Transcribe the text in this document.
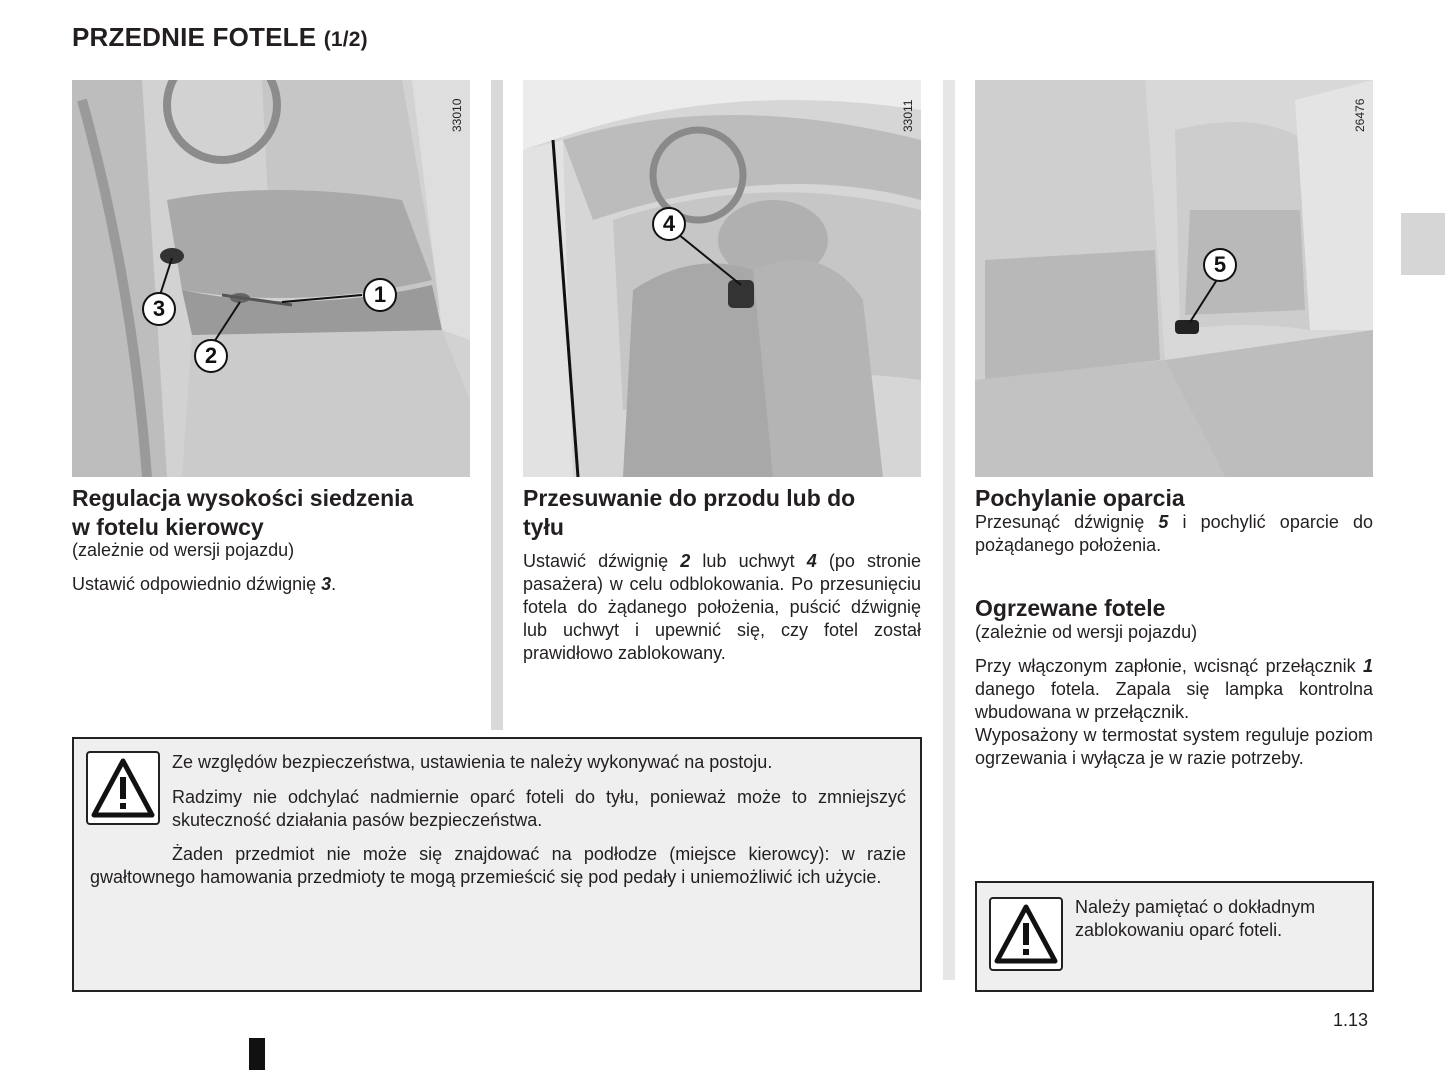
PRZEDNIE FOTELE (1/2)
33010
1
2
3
33011
4
26476
5
Regulacja wysokości siedzenia
w fotelu kierowcy
(zależnie od wersji pojazdu)
Ustawić odpowiednio dźwignię 3.
Przesuwanie do przodu lub do
tyłu
Ustawić dźwignię 2 lub uchwyt 4 (po stronie pasażera) w celu odblokowania. Po przesunięciu fotela do żądanego położenia, puścić dźwignię lub uchwyt i upewnić się, czy fotel został prawidłowo zablokowany.
Pochylanie oparcia
Przesunąć dźwignię 5 i pochylić oparcie do pożądanego położenia.
Ogrzewane fotele
(zależnie od wersji pojazdu)
Przy włączonym zapłonie, wcisnąć przełącznik 1 danego fotela. Zapala się lampka kontrolna wbudowana w przełącznik.
Wyposażony w termostat system reguluje poziom ogrzewania i wyłącza je w razie potrzeby.
Ze względów bezpieczeństwa, ustawienia te należy wykonywać na postoju.
Radzimy nie odchylać nadmiernie oparć foteli do tyłu, ponieważ może to zmniejszyć skuteczność działania pasów bezpieczeństwa.
Żaden przedmiot nie może się znajdować na podłodze (miejsce kierowcy): w razie gwałtownego hamowania przedmioty te mogą przemieścić się pod pedały i uniemożliwić ich użycie.
Należy pamiętać o dokładnym zablokowaniu oparć foteli.
1.13
